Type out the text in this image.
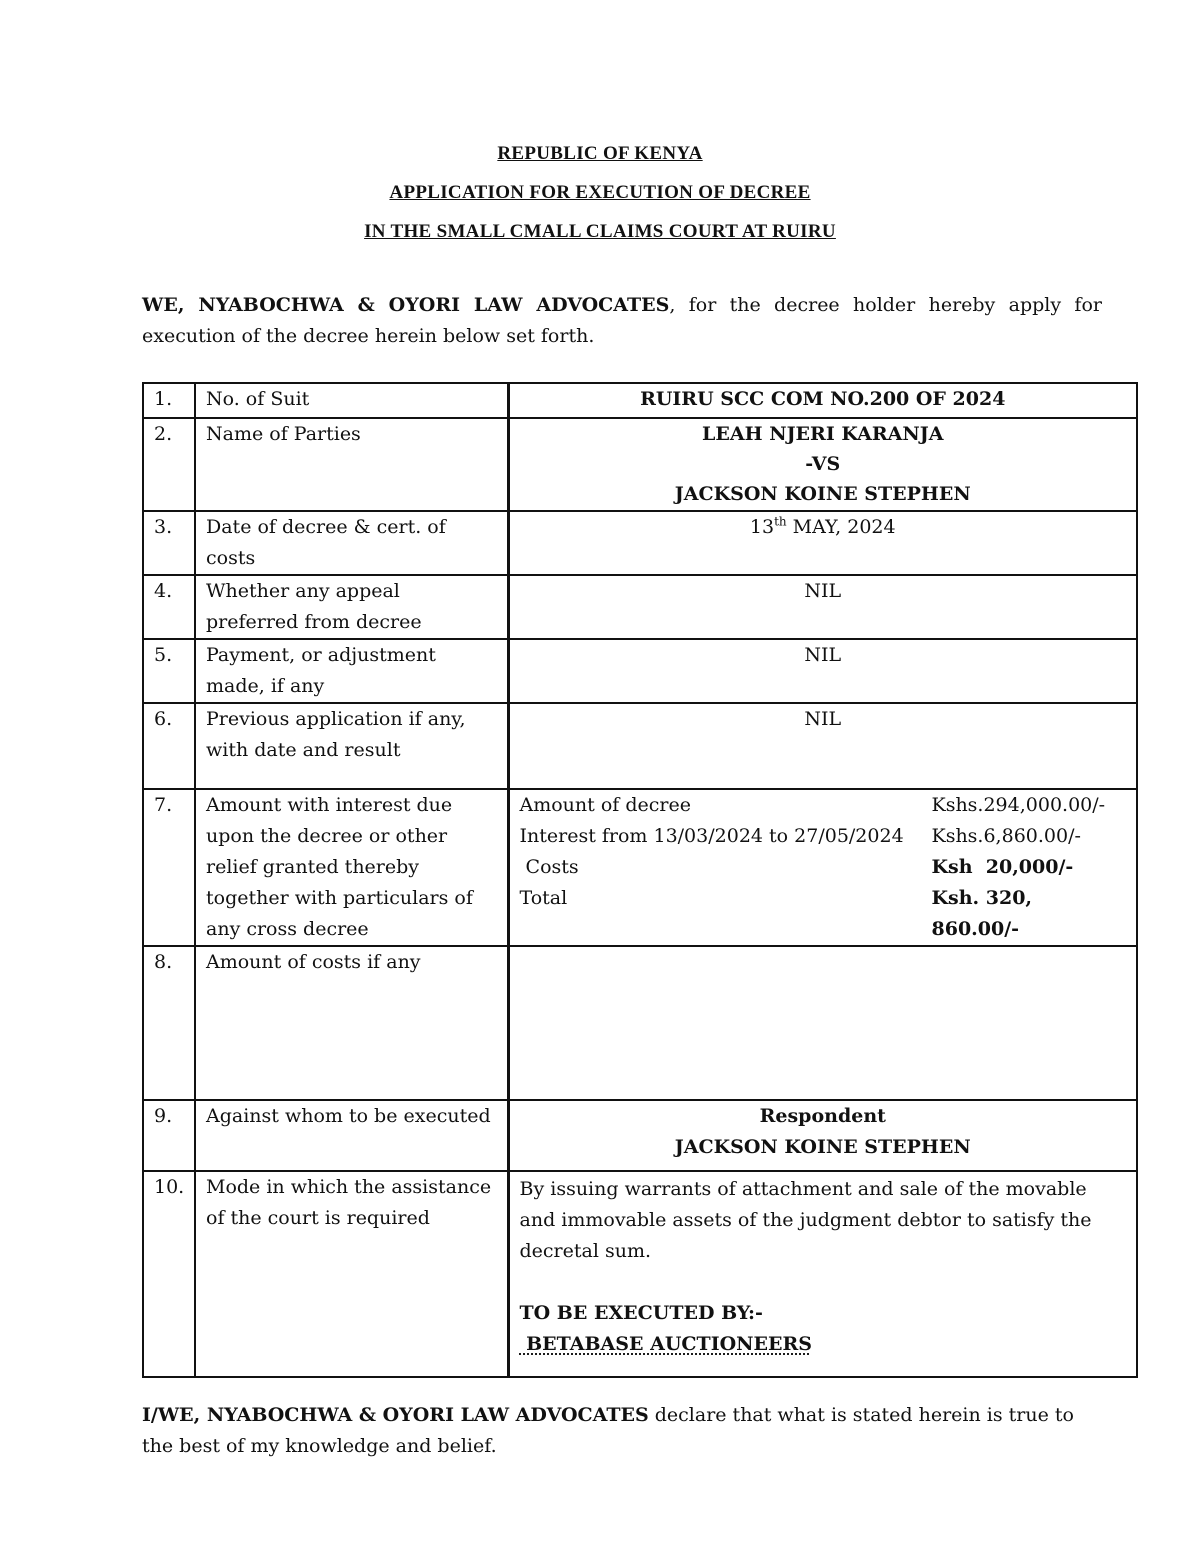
REPUBLIC OF KENYA
APPLICATION FOR EXECUTION OF DECREE
IN THE SMALL CMALL CLAIMS COURT AT RUIRU
WE, NYABOCHWA & OYORI LAW ADVOCATES, for the decree holder hereby apply for execution of the decree herein below set forth.
1.	No. of Suit	RUIRU SCC COM NO.200 OF 2024
2.	Name of Parties	LEAH NJERI KARANJA
-VS
JACKSON KOINE STEPHEN

3.	Date of decree & cert. of costs	13th MAY, 2024
4.	Whether any appeal preferred from decree	NIL
5.	Payment, or adjustment made, if any	NIL
6.	Previous application if any, with date and result	NIL
7.	Amount with interest due upon the decree or other relief granted thereby together with particulars of any cross decree	
Amount of decree	Kshs.294,000.00/-
Interest from 13/03/2024 to 27/05/2024	Kshs.6,860.00/-
Costs	Ksh  20,000/-
Total	Ksh. 320, 860.00/-

8.	Amount of costs if any	
9.	Against whom to be executed	Respondent
JACKSON KOINE STEPHEN

10.	Mode in which the assistance of the court is required	
By issuing warrants of attachment and sale of the movable and immovable assets of the judgment debtor to satisfy the decretal sum.
TO BE EXECUTED BY:-
BETABASE AUCTIONEERS
I/WE, NYABOCHWA & OYORI LAW ADVOCATES declare that what is stated herein is true to the best of my knowledge and belief.
